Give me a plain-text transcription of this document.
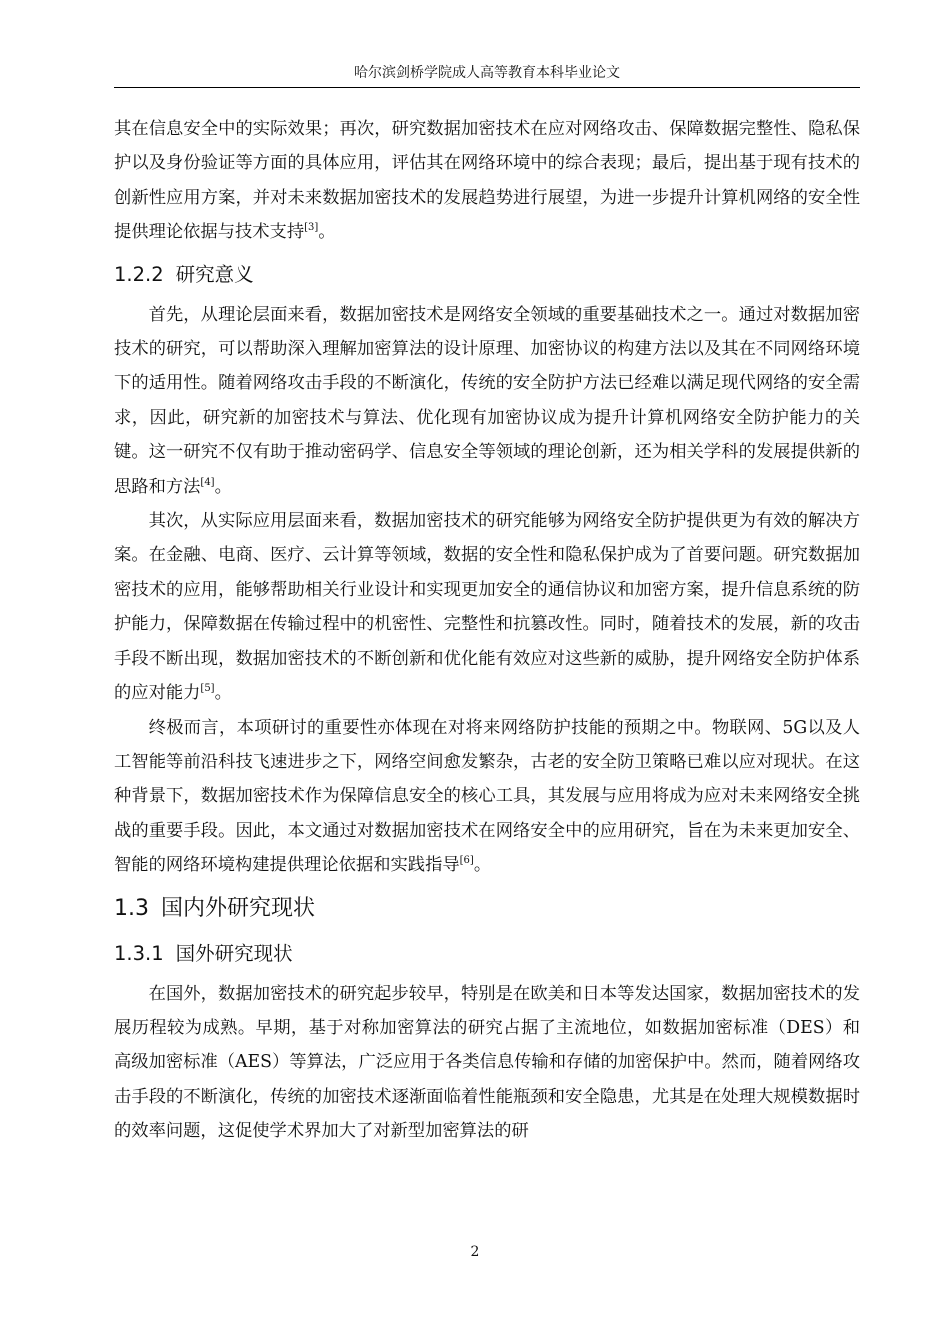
哈尔滨剑桥学院成人高等教育本科毕业论文

其在信息安全中的实际效果；再次，研究数据加密技术在应对网络攻击、保障数据完整性、隐私保护以及身份验证等方面的具体应用，评估其在网络环境中的综合表现；最后，提出基于现有技术的创新性应用方案，并对未来数据加密技术的发展趋势进行展望，为进一步提升计算机网络的安全性提供理论依据与技术支持[3]。

1.2.2 研究意义

首先，从理论层面来看，数据加密技术是网络安全领域的重要基础技术之一。通过对数据加密技术的研究，可以帮助深入理解加密算法的设计原理、加密协议的构建方法以及其在不同网络环境下的适用性。随着网络攻击手段的不断演化，传统的安全防护方法已经难以满足现代网络的安全需求，因此，研究新的加密技术与算法、优化现有加密协议成为提升计算机网络安全防护能力的关键。这一研究不仅有助于推动密码学、信息安全等领域的理论创新，还为相关学科的发展提供新的思路和方法[4]。

其次，从实际应用层面来看，数据加密技术的研究能够为网络安全防护提供更为有效的解决方案。在金融、电商、医疗、云计算等领域，数据的安全性和隐私保护成为了首要问题。研究数据加密技术的应用，能够帮助相关行业设计和实现更加安全的通信协议和加密方案，提升信息系统的防护能力，保障数据在传输过程中的机密性、完整性和抗篡改性。同时，随着技术的发展，新的攻击手段不断出现，数据加密技术的不断创新和优化能有效应对这些新的威胁，提升网络安全防护体系的应对能力[5]。

终极而言，本项研讨的重要性亦体现在对将来网络防护技能的预期之中。物联网、5G以及人工智能等前沿科技飞速进步之下，网络空间愈发繁杂，古老的安全防卫策略已难以应对现状。在这种背景下，数据加密技术作为保障信息安全的核心工具，其发展与应用将成为应对未来网络安全挑战的重要手段。因此，本文通过对数据加密技术在网络安全中的应用研究，旨在为未来更加安全、智能的网络环境构建提供理论依据和实践指导[6]。

1.3 国内外研究现状
1.3.1 国外研究现状

在国外，数据加密技术的研究起步较早，特别是在欧美和日本等发达国家，数据加密技术的发展历程较为成熟。早期，基于对称加密算法的研究占据了主流地位，如数据加密标准（DES）和高级加密标准（AES）等算法，广泛应用于各类信息传输和存储的加密保护中。然而，随着网络攻击手段的不断演化，传统的加密技术逐渐面临着性能瓶颈和安全隐患，尤其是在处理大规模数据时的效率问题，这促使学术界加大了对新型加密算法的研

2
